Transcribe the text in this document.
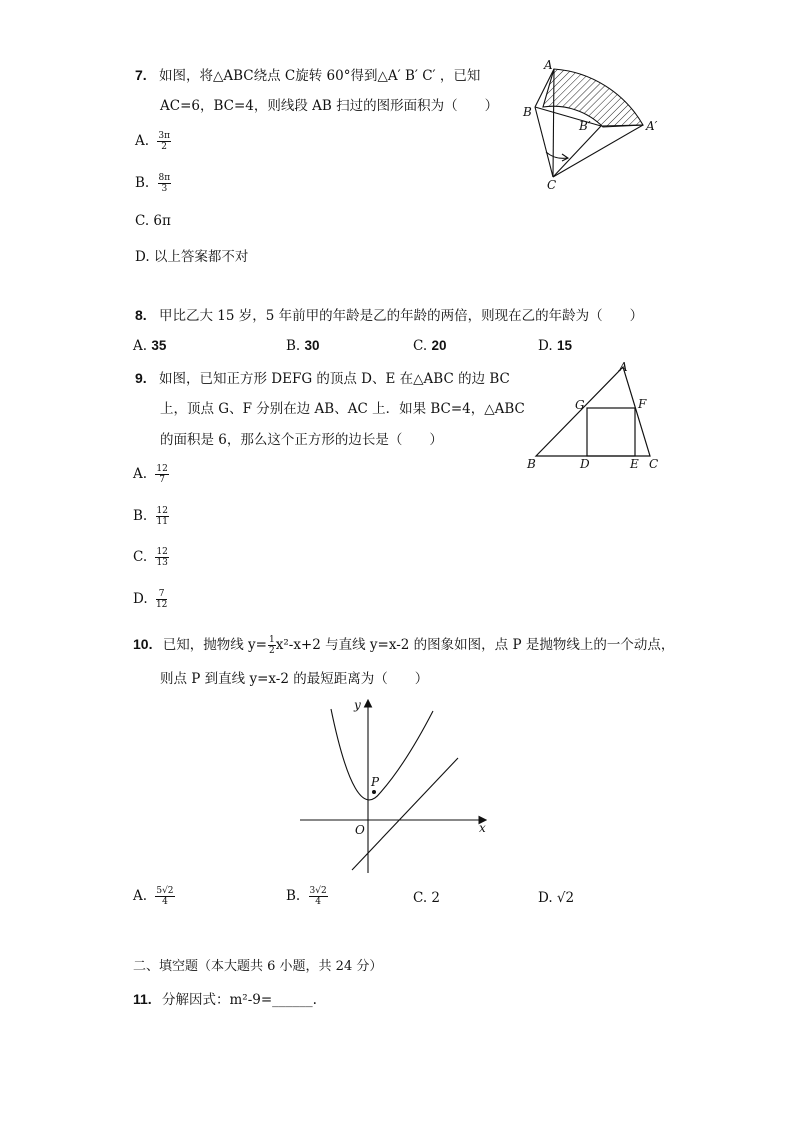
7. 如图，将△ABC绕点 C旋转 60°得到△A′ B′ C′ ，已知
AC=6，BC=4，则线段 AB 扫过的图形面积为（　　）
A. $\frac{3\pi}{2}$
B. $\frac{8\pi}{3}$
C. 6π
D. 以上答案都不对
A
B
C
A′
B′
8. 甲比乙大 15 岁，5 年前甲的年龄是乙的年龄的两倍，则现在乙的年龄为（　　）
A. 35	B. 30	C. 20	D. 15
9. 如图，已知正方形 DEFG 的顶点 D、E 在△ABC 的边 BC
上，顶点 G、F 分别在边 AB、AC 上．如果 BC=4，△ABC
的面积是 6，那么这个正方形的边长是（　　）
A. $\frac{12}{7}$
B. $\frac{12}{11}$
C. $\frac{12}{13}$
D. $\frac{7}{12}$
A
B	C
D	E
F
G
10. 已知，抛物线 $y= \frac{1}{2} x^2-x+2$ 与直线 y=x-2 的图象如图，点 P 是抛物线上的一个动点，
则点 P 到直线 y=x-2 的最短距离为（　　）
P
O	x
y
A. $\frac{5√2}{4}$	B. $\frac{3√2}{4}$	C. 2	D. √2
二、填空题（本大题共 6 小题，共 24 分）
11. 分解因式：m²-9=______.
